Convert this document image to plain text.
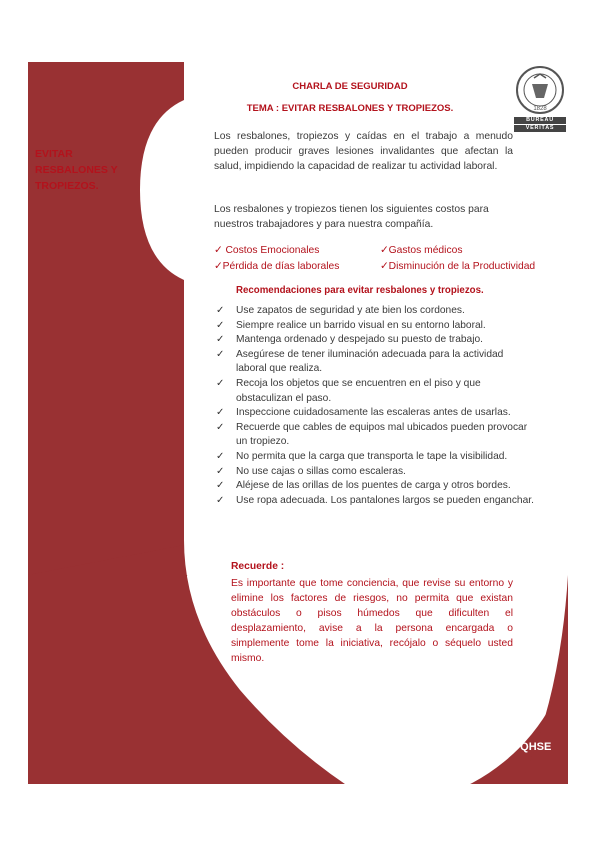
1828
BUREAU
VERITAS
EVITAR RESBALONES Y TROPIEZOS.
CHARLA DE SEGURIDAD
TEMA : EVITAR RESBALONES Y TROPIEZOS.
Los resbalones, tropiezos y caídas en el trabajo a menudo pueden producir graves lesiones invalidantes que afectan la salud, impidiendo la capacidad de realizar tu actividad laboral.
Los resbalones y tropiezos tienen los siguientes costos para nuestros trabajadores y para nuestra compañía.
✓ Costos Emocionales	✓Gastos médicos
✓Pérdida de días laborales	✓Disminución de la Productividad
Recomendaciones para evitar resbalones y tropiezos.
✓ Use zapatos de seguridad y ate bien los cordones.
✓ Siempre realice un barrido visual en su entorno laboral.
✓ Mantenga ordenado y despejado su puesto de trabajo.
✓ Asegúrese de tener iluminación adecuada para la actividad laboral que realiza.
✓ Recoja los objetos que se encuentren en el piso y que obstaculizan el paso.
✓ Inspeccione cuidadosamente las escaleras antes de usarlas.
✓ Recuerde que cables de equipos mal ubicados pueden provocar un tropiezo.
✓ No permita que la carga que transporta le tape la visibilidad.
✓ No use cajas o sillas como escaleras.
✓ Aléjese de las orillas de los puentes de carga y otros bordes.
✓ Use ropa adecuada. Los pantalones largos se pueden enganchar.
Recuerde :
Es importante que tome conciencia, que revise su entorno y elimine los factores de riesgos, no permita que existan obstáculos o pisos húmedos que dificulten el desplazamiento, avise a la persona encargada o simplemente tome la iniciativa, recójalo o séquelo usted mismo.
Gerencia QHSE
